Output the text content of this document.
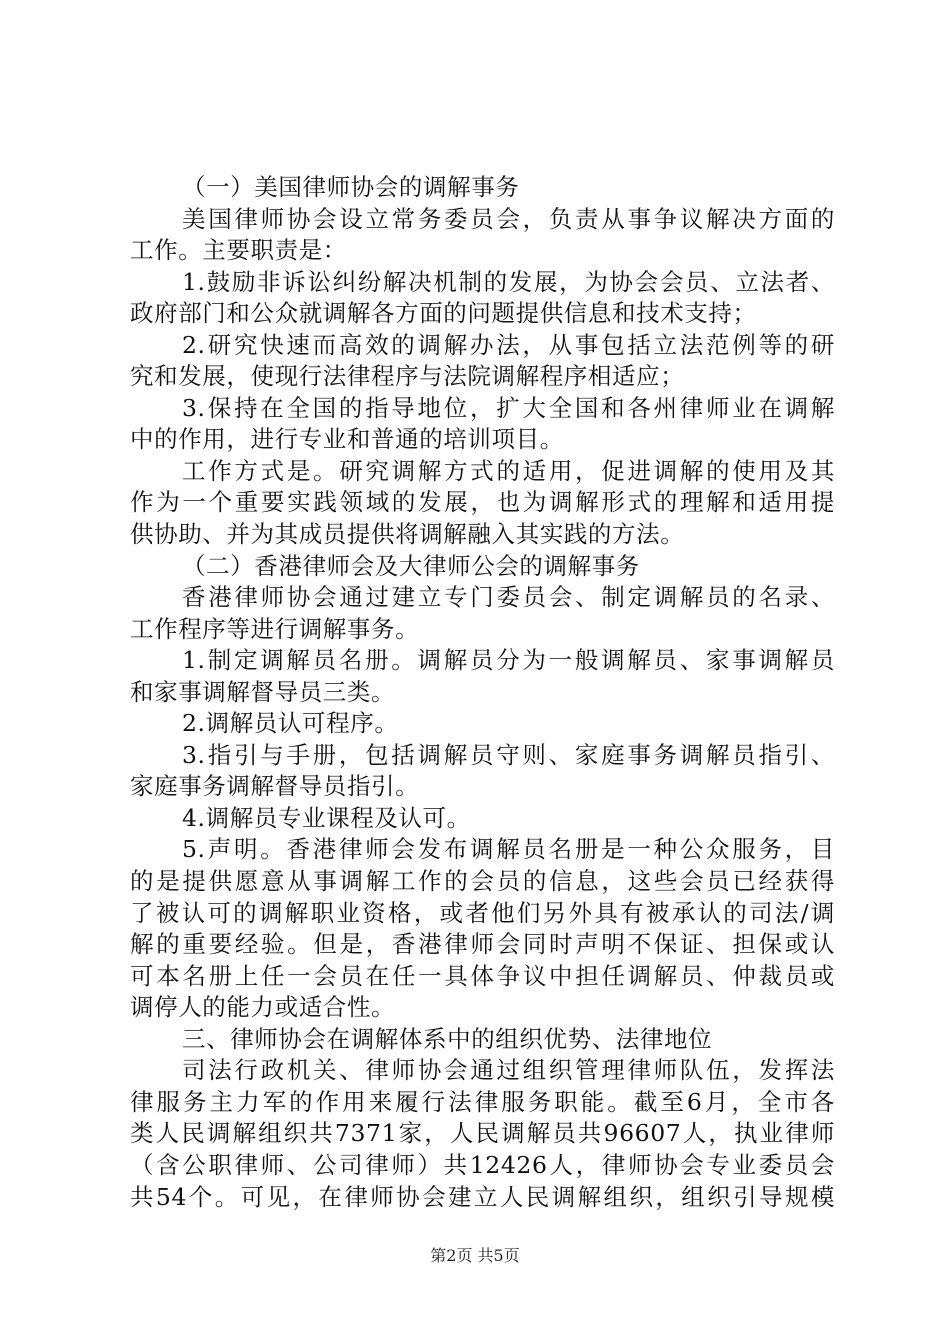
（一）美国律师协会的调解事务
美国律师协会设立常务委员会，负责从事争议解决方面的
工作。主要职责是：
1.鼓励非诉讼纠纷解决机制的发展，为协会会员、立法者、
政府部门和公众就调解各方面的问题提供信息和技术支持；
2.研究快速而高效的调解办法，从事包括立法范例等的研
究和发展，使现行法律程序与法院调解程序相适应；
3.保持在全国的指导地位，扩大全国和各州律师业在调解
中的作用，进行专业和普通的培训项目。
工作方式是。研究调解方式的适用，促进调解的使用及其
作为一个重要实践领域的发展，也为调解形式的理解和适用提
供协助、并为其成员提供将调解融入其实践的方法。
（二）香港律师会及大律师公会的调解事务
香港律师协会通过建立专门委员会、制定调解员的名录、
工作程序等进行调解事务。
1.制定调解员名册。调解员分为一般调解员、家事调解员
和家事调解督导员三类。
2.调解员认可程序。
3.指引与手册，包括调解员守则、家庭事务调解员指引、
家庭事务调解督导员指引。
4.调解员专业课程及认可。
5.声明。香港律师会发布调解员名册是一种公众服务，目
的是提供愿意从事调解工作的会员的信息，这些会员已经获得
了被认可的调解职业资格，或者他们另外具有被承认的司法/调
解的重要经验。但是，香港律师会同时声明不保证、担保或认
可本名册上任一会员在任一具体争议中担任调解员、仲裁员或
调停人的能力或适合性。
三、律师协会在调解体系中的组织优势、法律地位
司法行政机关、律师协会通过组织管理律师队伍，发挥法
律服务主力军的作用来履行法律服务职能。截至6月，全市各
类人民调解组织共7371家，人民调解员共96607人，执业律师
（含公职律师、公司律师）共12426人，律师协会专业委员会
共54个。可见，在律师协会建立人民调解组织，组织引导规模
第2页 共5页
